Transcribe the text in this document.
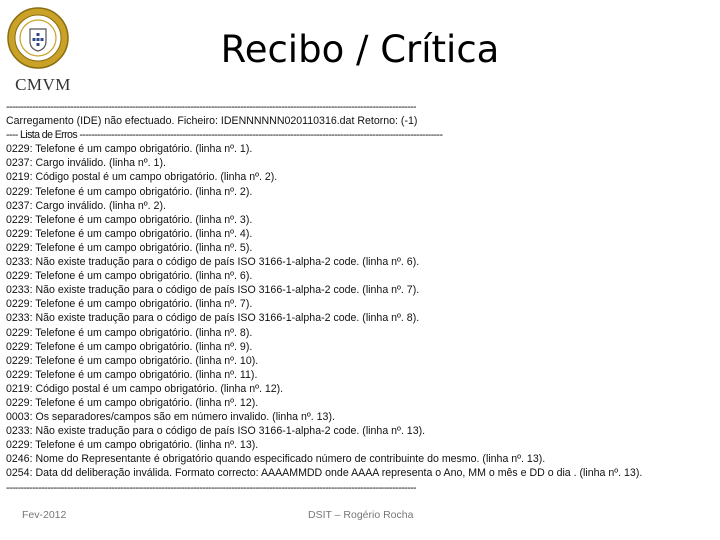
CMVM
Recibo / Crítica
--------------------------------------------------------------------------------------------------------------------------------------------
Carregamento (IDE) não efectuado. Ficheiro: IDENNNNNN020110316.dat Retorno: (-1)
---- Lista de Erros ----------------------------------------------------------------------------------------------------------------------------
0229: Telefone é um campo obrigatório. (linha nº. 1).
0237: Cargo inválido. (linha nº. 1).
0219: Código postal é um campo obrigatório. (linha nº. 2).
0229: Telefone é um campo obrigatório. (linha nº. 2).
0237: Cargo inválido. (linha nº. 2).
0229: Telefone é um campo obrigatório. (linha nº. 3).
0229: Telefone é um campo obrigatório. (linha nº. 4).
0229: Telefone é um campo obrigatório. (linha nº. 5).
0233: Não existe tradução para o código de país ISO 3166-1-alpha-2 code. (linha nº. 6).
0229: Telefone é um campo obrigatório. (linha nº. 6).
0233: Não existe tradução para o código de país ISO 3166-1-alpha-2 code. (linha nº. 7).
0229: Telefone é um campo obrigatório. (linha nº. 7).
0233: Não existe tradução para o código de país ISO 3166-1-alpha-2 code. (linha nº. 8).
0229: Telefone é um campo obrigatório. (linha nº. 8).
0229: Telefone é um campo obrigatório. (linha nº. 9).
0229: Telefone é um campo obrigatório. (linha nº. 10).
0229: Telefone é um campo obrigatório. (linha nº. 11).
0219: Código postal é um campo obrigatório. (linha nº. 12).
0229: Telefone é um campo obrigatório. (linha nº. 12).
0003: Os separadores/campos são em número invalido. (linha nº. 13).
0233: Não existe tradução para o código de país ISO 3166-1-alpha-2 code. (linha nº. 13).
0229: Telefone é um campo obrigatório. (linha nº. 13).
0246: Nome do Representante é obrigatório quando especificado número de contribuinte do mesmo. (linha nº. 13).
0254: Data dd deliberação inválida. Formato correcto: AAAAMMDD onde AAAA representa o Ano, MM o mês e DD o dia . (linha nº. 13).
--------------------------------------------------------------------------------------------------------------------------------------------
Fev-2012	DSIT – Rogério Rocha
